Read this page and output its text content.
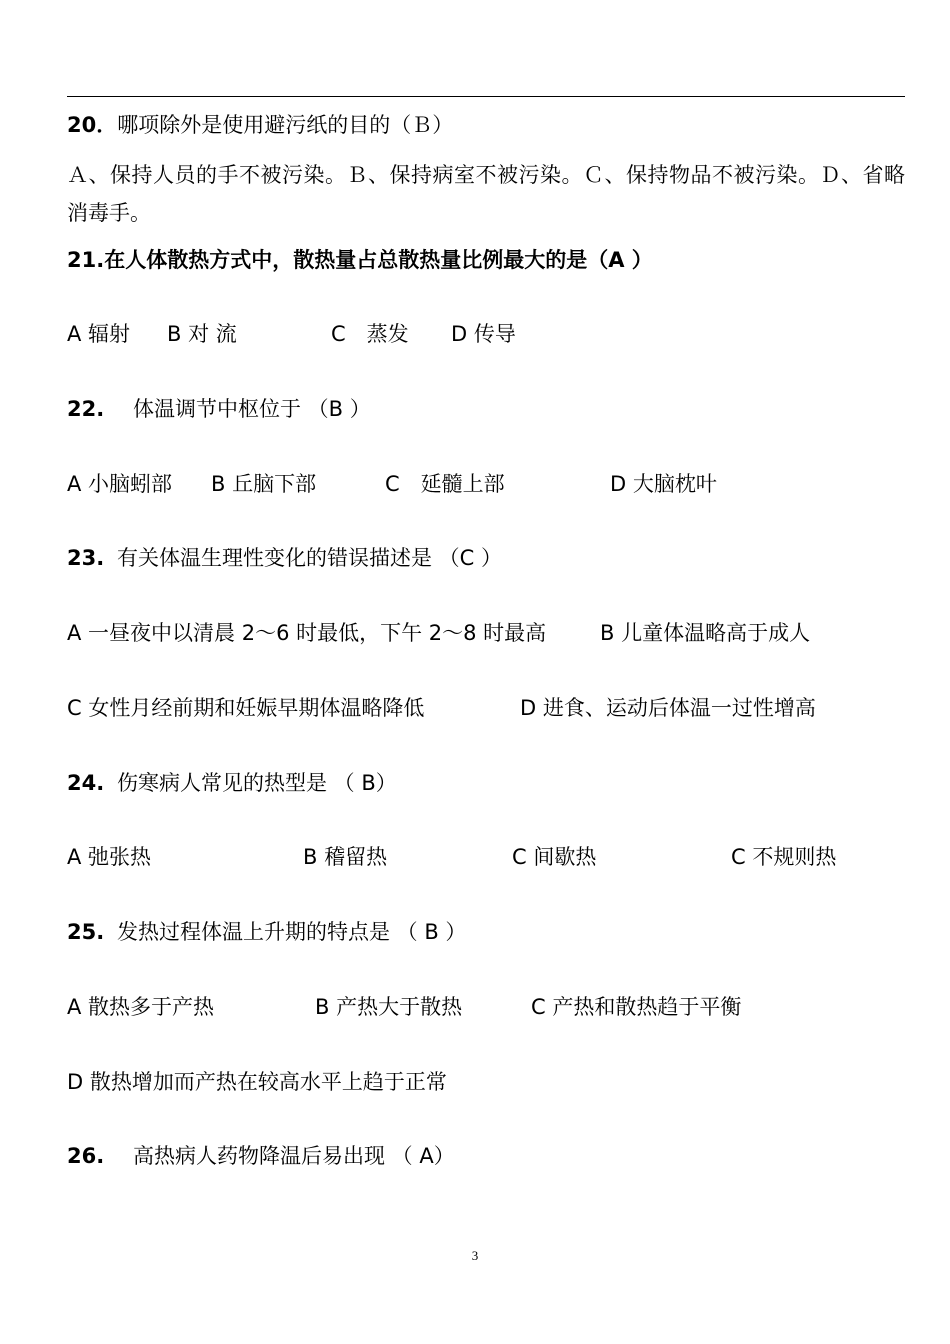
20．哪项除外是使用避污纸的目的（Ｂ）
Ａ、保持人员的手不被污染。Ｂ、保持病室不被污染。Ｃ、保持物品不被污染。Ｄ、省略消毒手。
21.在人体散热方式中，散热量占总散热量比例最大的是（A ）
A 辐射 B 对 流	C　蒸发 D 传导
22. 体温调节中枢位于 （B ）
A 小脑蚓部 B 丘脑下部	C　延髓上部	D 大脑枕叶
23. 有关体温生理性变化的错误描述是 （C ）
A 一昼夜中以清晨 2～6 时最低，下午 2～8 时最高	B 儿童体温略高于成人
C 女性月经前期和妊娠早期体温略降低	D 进食、运动后体温一过性增高
24. 伤寒病人常见的热型是 （ B）
A 弛张热	B 稽留热	C 间歇热	C 不规则热
25. 发热过程体温上升期的特点是 （ B ）
A 散热多于产热	B 产热大于散热	C 产热和散热趋于平衡
D 散热增加而产热在较高水平上趋于正常
26. 高热病人药物降温后易出现 （ A）
3
